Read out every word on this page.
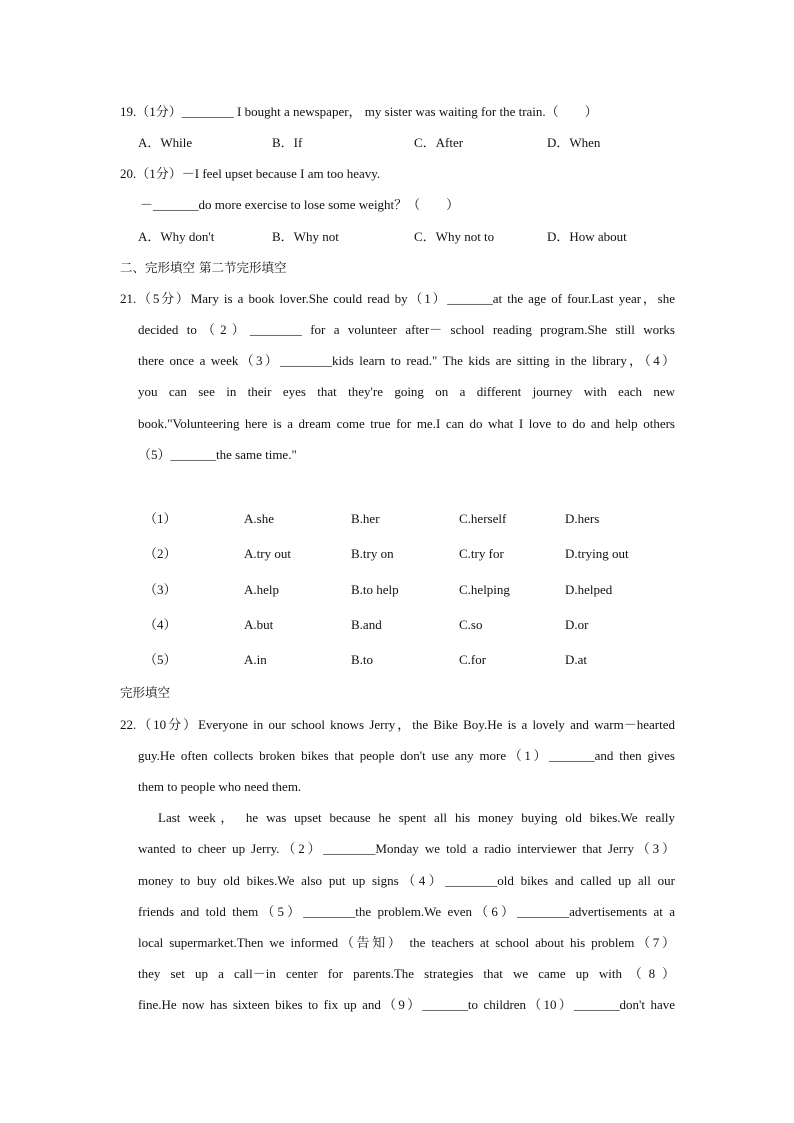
19.（1分）________ I bought a newspaper， my sister was waiting for the train.（　　）
A．While	B．If	C．After	D．When
20.（1分）－I feel upset because I am too heavy.
－_______do more exercise to lose some weight？（　　）
A．Why don't	B．Why not	C．Why not to	D．How about
二、完形填空 第二节完形填空
21.（5分）Mary is a book lover.She could read by（1）_______at the age of four.Last year，she
decided to（2）________ for a volunteer after－ school reading program.She still works
there once a week（3）________kids learn to read." The kids are sitting in the library，（4）
you can see in their eyes that they're going on a different journey with each new
book."Volunteering here is a dream come true for me.I can do what I love to do and help others
（5）_______the same time."
（1）	A.she	B.her	C.herself	D.hers
（2）	A.try out	B.try on	C.try for	D.trying out
（3）	A.help	B.to help	C.helping	D.helped
（4）	A.but	B.and	C.so	D.or
（5）	A.in	B.to	C.for	D.at
完形填空
22.（10分）Everyone in our school knows Jerry，the Bike Boy.He is a lovely and warm－hearted
guy.He often collects broken bikes that people don't use any more（1）_______and then gives
them to people who need them.
Last week， he was upset because he spent all his money buying old bikes.We really
wanted to cheer up Jerry.（2）________Monday we told a radio interviewer that Jerry（3）
money to buy old bikes.We also put up signs（4）________old bikes and called up all our
friends and told them（5）________the problem.We even（6）________advertisements at a
local supermarket.Then we informed（告知） the teachers at school about his problem（7）
they set up a call－in center for parents.The strategies that we came up with（8）
fine.He now has sixteen bikes to fix up and（9）_______to children（10）_______don't have
